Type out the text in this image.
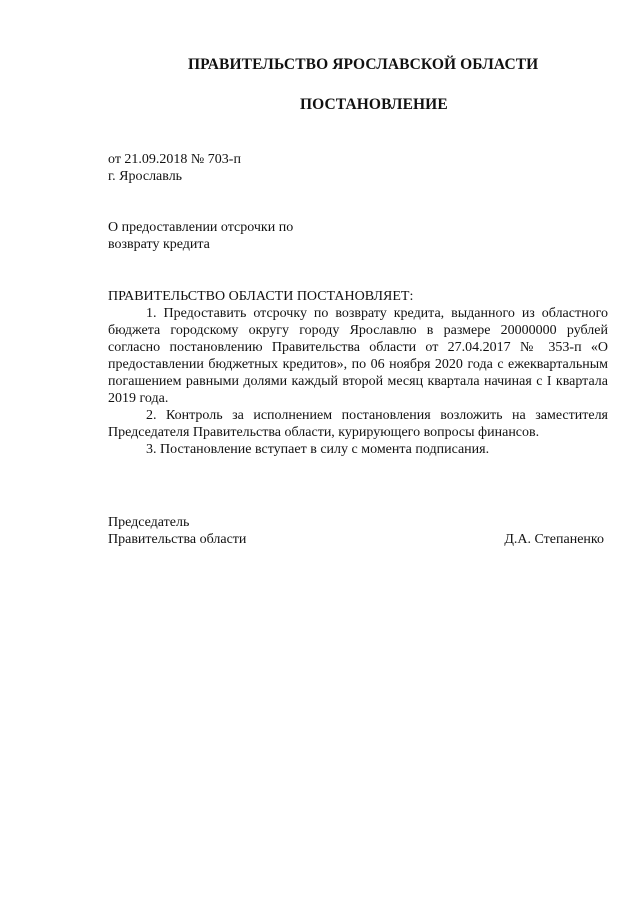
ПРАВИТЕЛЬСТВО ЯРОСЛАВСКОЙ ОБЛАСТИ
ПОСТАНОВЛЕНИЕ
от 21.09.2018 № 703-п
г. Ярославль
О предоставлении отсрочки по
возврату кредита
ПРАВИТЕЛЬСТВО ОБЛАСТИ ПОСТАНОВЛЯЕТ:

1. Предоставить отсрочку по возврату кредита, выданного из областного бюджета городскому округу городу Ярославлю в размере 20000000 рублей согласно постановлению Правительства области от 27.04.2017 № 353-п «О предоставлении бюджетных кредитов», по 06 ноября 2020 года с ежеквартальным погашением равными долями каждый второй месяц квартала начиная с I квартала 2019 года.

2. Контроль за исполнением постановления возложить на заместителя Председателя Правительства области, курирующего вопросы финансов.

3. Постановление вступает в силу с момента подписания.

Председатель
Правительства области	Д.А. Степаненко
